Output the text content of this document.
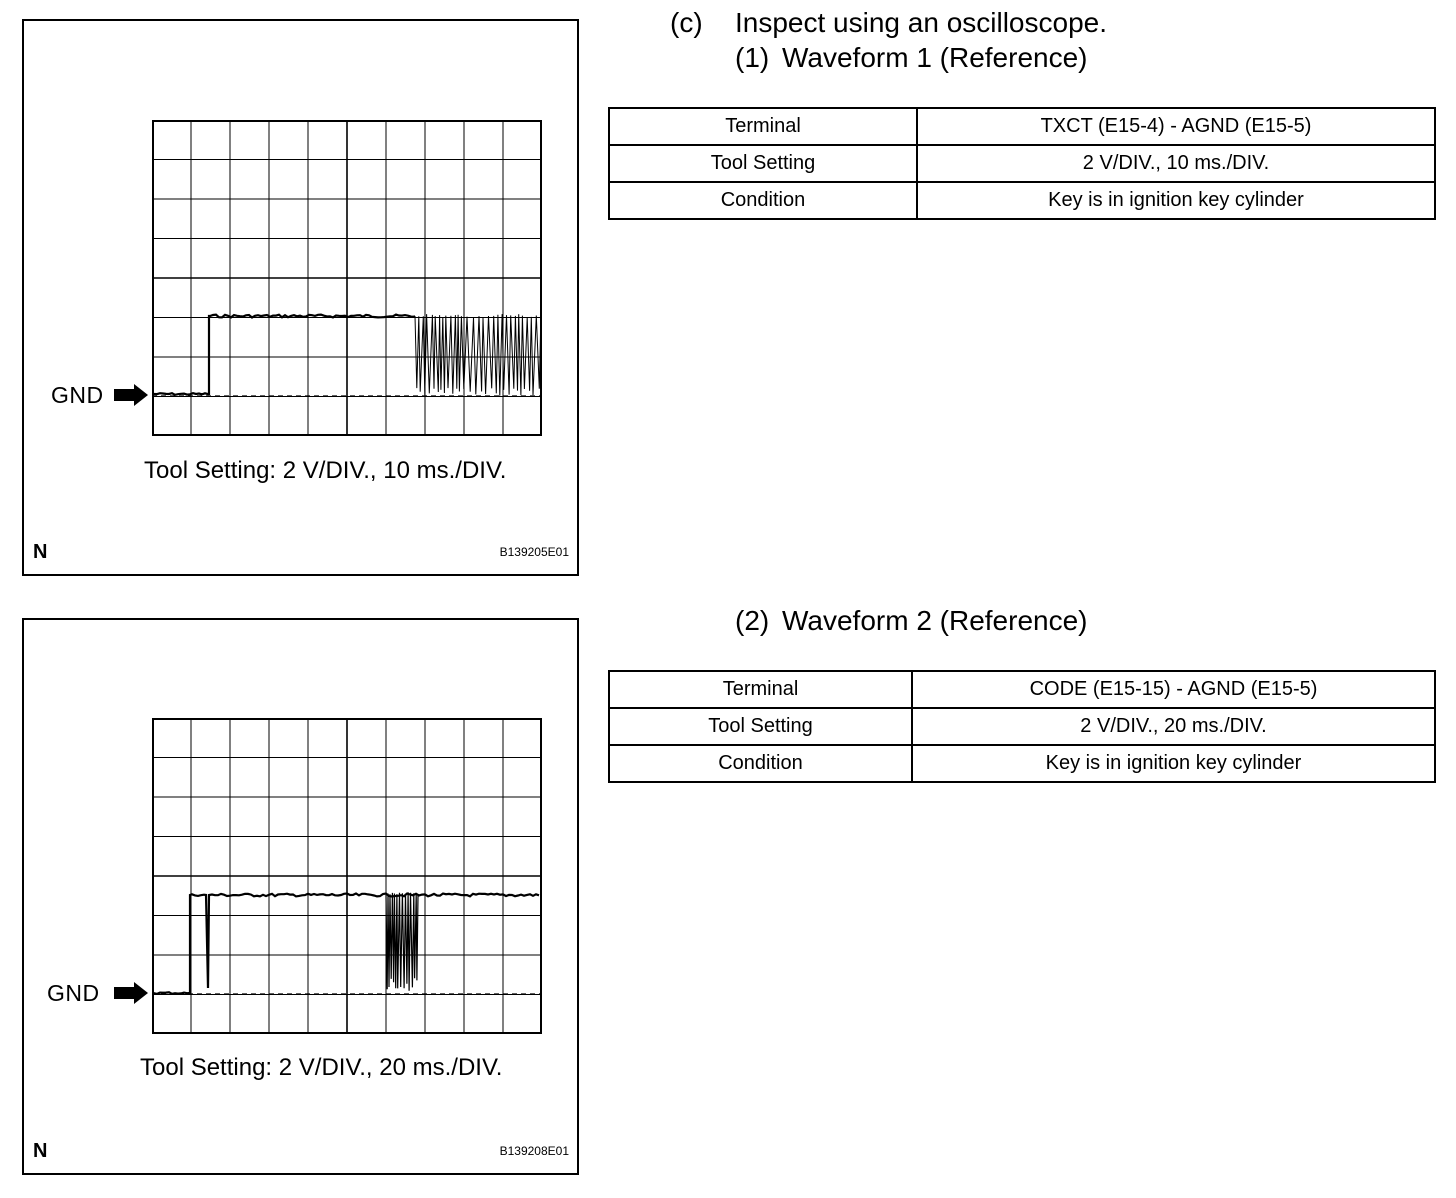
GND
Tool Setting: 2 V/DIV., 10 ms./DIV.
N	B139205E01
GND
Tool Setting: 2 V/DIV., 20 ms./DIV.
N	B139208E01
(c) Inspect using an oscilloscope.
(1) Waveform 1 (Reference)
(2) Waveform 2 (Reference)
Terminal	TXCT (E15-4) - AGND (E15-5)
Tool Setting	2 V/DIV., 10 ms./DIV.
Condition	Key is in ignition key cylinder
Terminal	CODE (E15-15) - AGND (E15-5)
Tool Setting	2 V/DIV., 20 ms./DIV.
Condition	Key is in ignition key cylinder
